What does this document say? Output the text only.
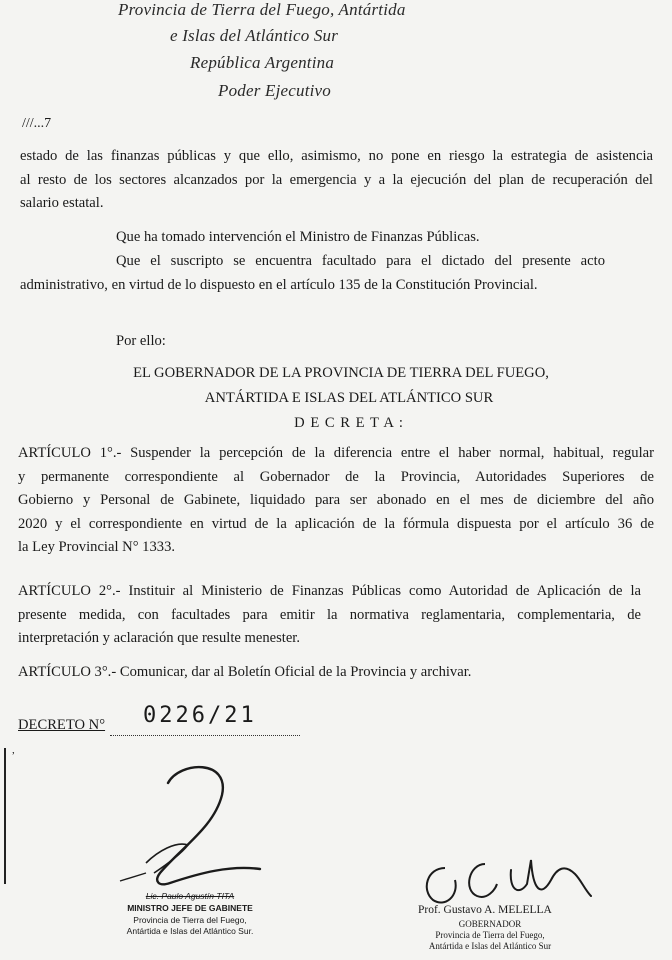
Provincia de Tierra del Fuego, Antártida
e Islas del Atlántico Sur
República Argentina
Poder Ejecutivo
///...7
estado de las finanzas públicas y que ello, asimismo, no pone en riesgo la estrategia de asistencia
al resto de los sectores alcanzados por la emergencia y a la ejecución del plan de recuperación del
salario estatal.
Que ha tomado intervención el Ministro de Finanzas Públicas.
Que el suscripto se encuentra facultado para el dictado del presente acto
administrativo, en virtud de lo dispuesto en el artículo 135 de la Constitución Provincial.
Por ello:
EL GOBERNADOR DE LA PROVINCIA DE TIERRA DEL FUEGO,
ANTÁRTIDA E ISLAS DEL ATLÁNTICO SUR
D E C R E T A :
ARTÍCULO 1°.- Suspender la percepción de la diferencia entre el haber normal, habitual, regular
y permanente correspondiente al Gobernador de la Provincia, Autoridades Superiores de
Gobierno y Personal de Gabinete, liquidado para ser abonado en el mes de diciembre del año
2020 y el correspondiente en virtud de la aplicación de la fórmula dispuesta por el artículo 36 de
la Ley Provincial N° 1333.
ARTÍCULO 2°.- Instituir al Ministerio de Finanzas Públicas como Autoridad de Aplicación de la
presente medida, con facultades para emitir la normativa reglamentaria, complementaria, de
interpretación y aclaración que resulte menester.
ARTÍCULO 3°.- Comunicar, dar al Boletín Oficial de la Provincia y archivar.
DECRETO N° 0226/21
,
Lic. Paulo Agustín TITA
MINISTRO JEFE DE GABINETE
Provincia de Tierra del Fuego,
Antártida e Islas del Atlántico Sur.
Prof. Gustavo A. MELELLA
GOBERNADOR
Provincia de Tierra del Fuego,
Antártida e Islas del Atlántico Sur
